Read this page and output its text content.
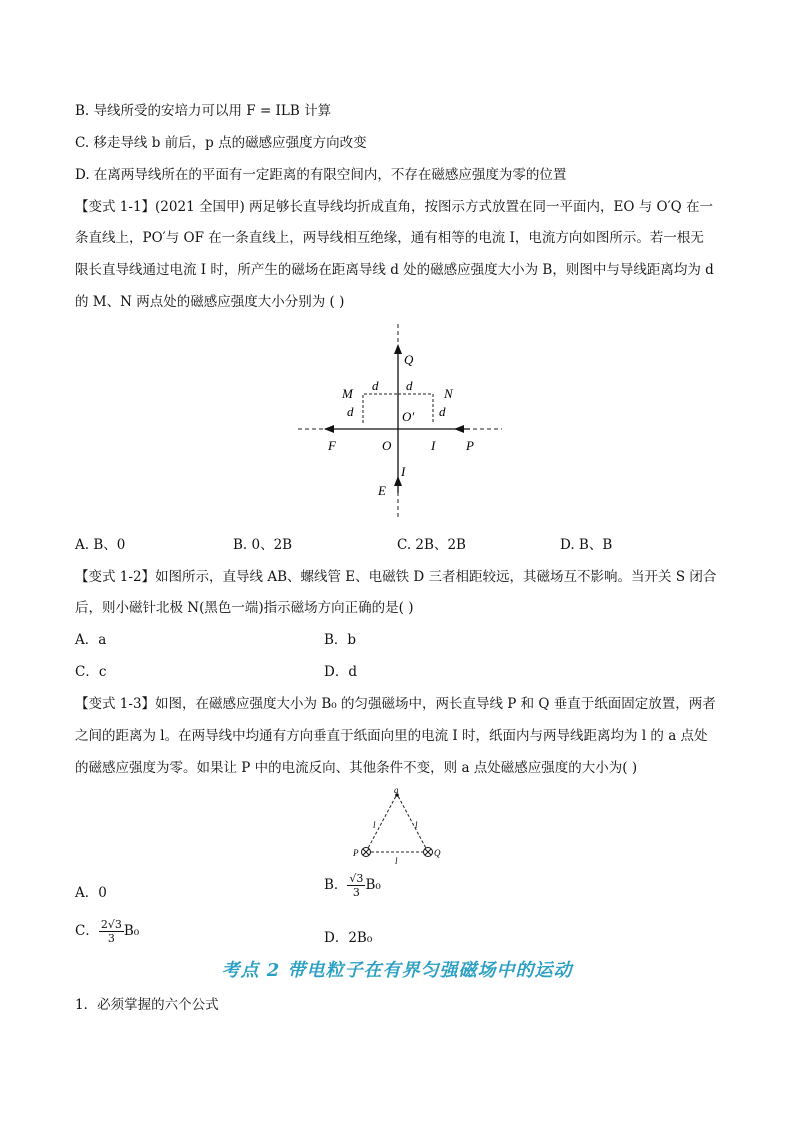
B. 导线所受的安培力可以用 F = ILB 计算
C. 移走导线 b 前后，p 点的磁感应强度方向改变
D. 在离两导线所在的平面有一定距离的有限空间内，不存在磁感应强度为零的位置
【变式 1-1】(2021 全国甲) 两足够长直导线均折成直角，按图示方式放置在同一平面内，EO 与 O′Q 在一
条直线上，PO′与 OF 在一条直线上，两导线相互绝缘，通有相等的电流 I，电流方向如图所示。若一根无
限长直导线通过电流 I 时，所产生的磁场在距离导线 d 处的磁感应强度大小为 B，则图中与导线距离均为 d
的 M、N 两点处的磁感应强度大小分别为 ( )
Q
M	N
d d
d	d
O′
F	O	I P
I
E
A. B、0	B. 0、2B	C. 2B、2B	D. B、B
【变式 1-2】如图所示，直导线 AB、螺线管 E、电磁铁 D 三者相距较远，其磁场互不影响。当开关 S 闭合
后，则小磁针北极 N(黑色一端)指示磁场方向正确的是( )
A．a	B．b
C．c	D．d
【变式 1-3】如图，在磁感应强度大小为 B₀ 的匀强磁场中，两长直导线 P 和 Q 垂直于纸面固定放置，两者
之间的距离为 l。在两导线中均通有方向垂直于纸面向里的电流 I 时，纸面内与两导线距离均为 l 的 a 点处
的磁感应强度为零。如果让 P 中的电流反向、其他条件不变，则 a 点处磁感应强度的大小为( )
a
l	l
l
P	Q
A．0	B． $\frac{√3}{3} B_0$
C． $\frac{2√3}{3} B_0$	D．2B₀
考点 2 带电粒子在有界匀强磁场中的运动
1．必须掌握的六个公式
